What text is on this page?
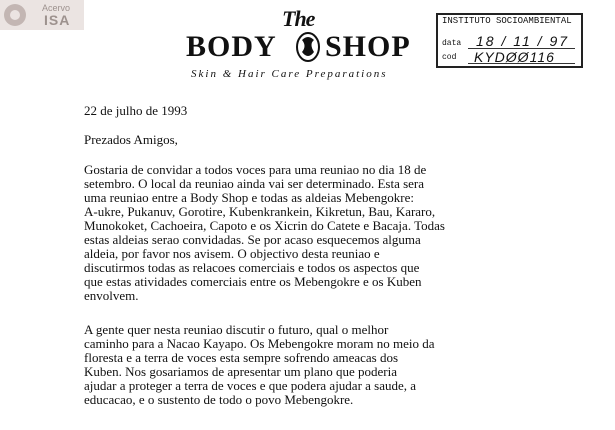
Acervo
ISA	The
BODY SHOP
Skin & Hair Care Preparations
INSTITUTO SOCIOAMBIENTAL
data 18 / 11 / 97
cod KYDØØ116

22 de julho de 1993

Prezados Amigos,

Gostaria de convidar a todos voces para uma reuniao no dia 18 de
setembro. O local da reuniao ainda vai ser determinado. Esta sera
uma reuniao entre a Body Shop e todas as aldeias Mebengokre:
A-ukre, Pukanuv, Gorotire, Kubenkrankein, Kikretun, Bau, Kararo,
Munokoket, Cachoeira, Capoto e os Xicrin do Catete e Bacaja. Todas
estas aldeias serao convidadas. Se por acaso esquecemos alguma
aldeia, por favor nos avisem. O objectivo desta reuniao e
discutirmos todas as relacoes comerciais e todos os aspectos que
que estas atividades comerciais entre os Mebengokre e os Kuben
envolvem.

A gente quer nesta reuniao discutir o futuro, qual o melhor
caminho para a Nacao Kayapo. Os Mebengokre moram no meio da
floresta e a terra de voces esta sempre sofrendo ameacas dos
Kuben. Nos gosariamos de apresentar um plano que poderia
ajudar a proteger a terra de voces e que podera ajudar a saude, a
educacao, e o sustento de todo o povo Mebengokre.
